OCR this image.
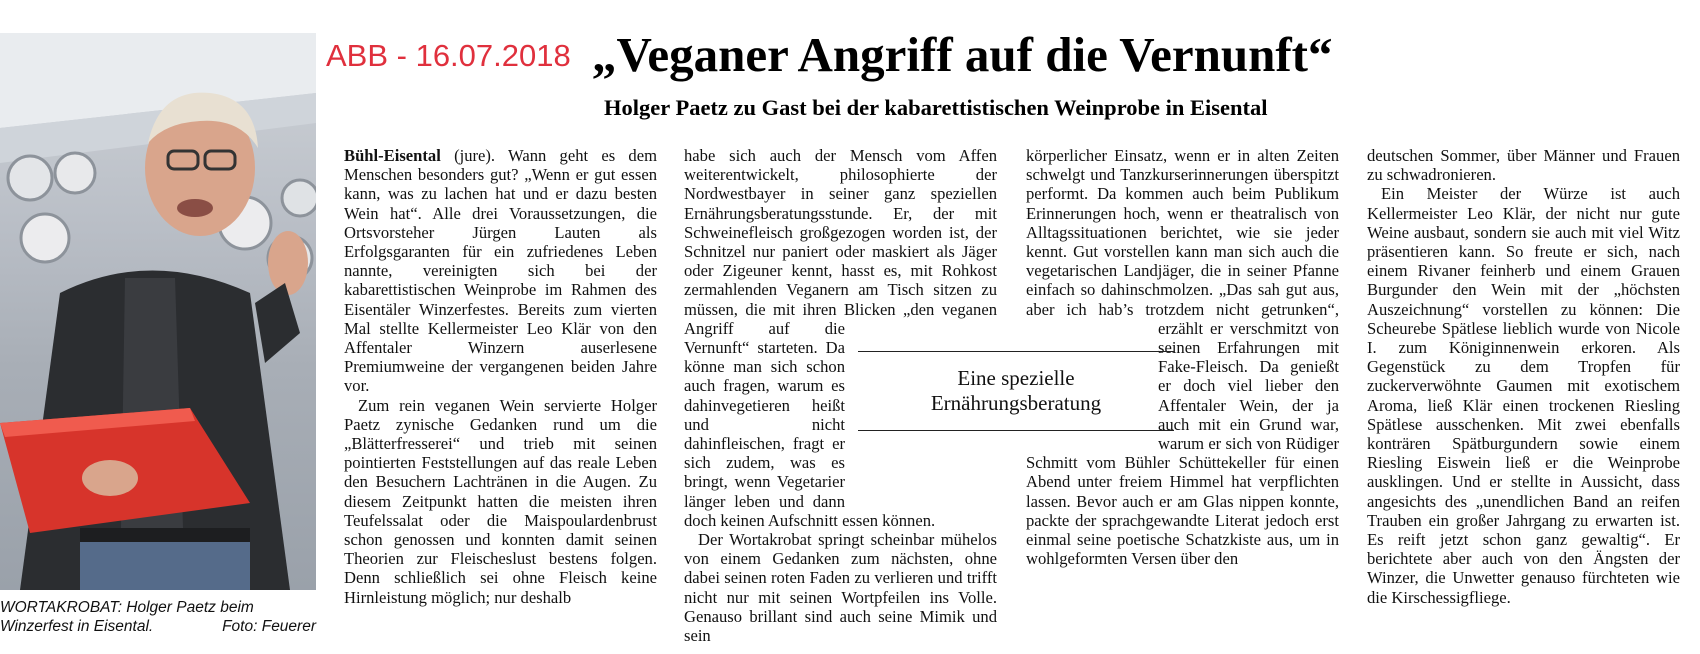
WORTAKROBAT: Holger Paetz beim
Winzerfest in Eisental.	Foto: Feuerer
ABB - 16.07.2018 „Veganer Angriff auf die Vernunft“
Holger Paetz zu Gast bei der kabarettistischen Weinprobe in Eisental

Bühl-Eisental (jure). Wann geht es dem Menschen besonders gut? „Wenn er gut essen kann, was zu lachen hat und er dazu besten Wein hat“. Alle drei Voraussetzungen, die Ortsvorsteher Jürgen Lauten als Erfolgsgaranten für ein zufriedenes Leben nannte, vereinigten sich bei der kabarettistischen Weinprobe im Rahmen des Eisentäler Winzerfestes. Bereits zum vierten Mal stellte Kellermeister Leo Klär von den Affentaler Winzern auserlesene Premiumweine der vergangenen beiden Jahre vor.

Zum rein veganen Wein servierte Holger Paetz zynische Gedanken rund um die „Blätterfresserei“ und trieb mit seinen pointierten Feststellungen auf das reale Leben den Besuchern Lachtränen in die Augen. Zu diesem Zeitpunkt hatten die meisten ihren Teufelssalat oder die Maispoulardenbrust schon genossen und konnten damit seinen Theorien zur Fleischeslust bestens folgen. Denn schließlich sei ohne Fleisch keine Hirnleistung möglich; nur deshalb

habe sich auch der Mensch vom Affen weiterentwickelt, philosophierte der Nordwestbayer in seiner ganz speziellen Ernährungsberatungsstunde. Er, der mit Schweinefleisch großgezogen worden ist, der Schnitzel nur paniert oder maskiert als Jäger oder Zigeuner kennt, hasst es, mit Rohkost zermahlenden Veganern am Tisch sitzen zu müssen, die mit ihren Blicken „den veganen Angriff auf die Vernunft“ starteten. Da könne man sich schon auch fragen, warum es dahinvegetieren heißt und nicht dahinfleischen, fragt er sich zudem, was es bringt, wenn Vegetarier länger leben und dann doch keinen Aufschnitt essen können.

Der Wortakrobat springt scheinbar mühelos von einem Gedanken zum nächsten, ohne dabei seinen roten Faden zu verlieren und trifft nicht nur mit seinen Wortpfeilen ins Volle. Genauso brillant sind auch seine Mimik und sein

körperlicher Einsatz, wenn er in alten Zeiten schwelgt und Tanzkurserinnerungen überspitzt performt. Da kommen auch beim Publikum Erinnerungen hoch, wenn er theatralisch von Alltagssituationen berichtet, wie sie jeder kennt. Gut vorstellen kann man sich auch die vegetarischen Landjäger, die in seiner Pfanne einfach so dahinschmolzen. „Das sah gut aus, aber ich hab’s trotzdem nicht getrunken“, erzählt er verschmitzt von seinen Erfahrungen mit Fake-Fleisch. Da genießt er doch viel lieber den Affentaler Wein, der ja auch mit ein Grund war, warum er sich von Rüdiger Schmitt vom Bühler Schüttekeller für einen Abend unter freiem Himmel hat verpflichten lassen. Bevor auch er am Glas nippen konnte, packte der sprachgewandte Literat jedoch erst einmal seine poetische Schatzkiste aus, um in wohlgeformten Versen über den

deutschen Sommer, über Männer und Frauen zu schwadronieren.

Ein Meister der Würze ist auch Kellermeister Leo Klär, der nicht nur gute Weine ausbaut, sondern sie auch mit viel Witz präsentieren kann. So freute er sich, nach einem Rivaner feinherb und einem Grauen Burgunder den Wein mit der „höchsten Auszeichnung“ vorstellen zu können: Die Scheurebe Spätlese lieblich wurde von Nicole I. zum Königinnenwein erkoren. Als Gegenstück zu dem Tropfen für zuckerverwöhnte Gaumen mit exotischem Aroma, ließ Klär einen trockenen Riesling Spätlese ausschenken. Mit zwei ebenfalls konträren Spätburgundern sowie einem Riesling Eiswein ließ er die Weinprobe ausklingen. Und er stellte in Aussicht, dass angesichts des „unendlichen Band an reifen Trauben ein großer Jahrgang zu erwarten ist. Es reift jetzt schon ganz gewaltig“. Er berichtete aber auch von den Ängsten der Winzer, die Unwetter genauso fürchteten wie die Kirschessigfliege.

Eine spezielle
Ernährungsberatung
